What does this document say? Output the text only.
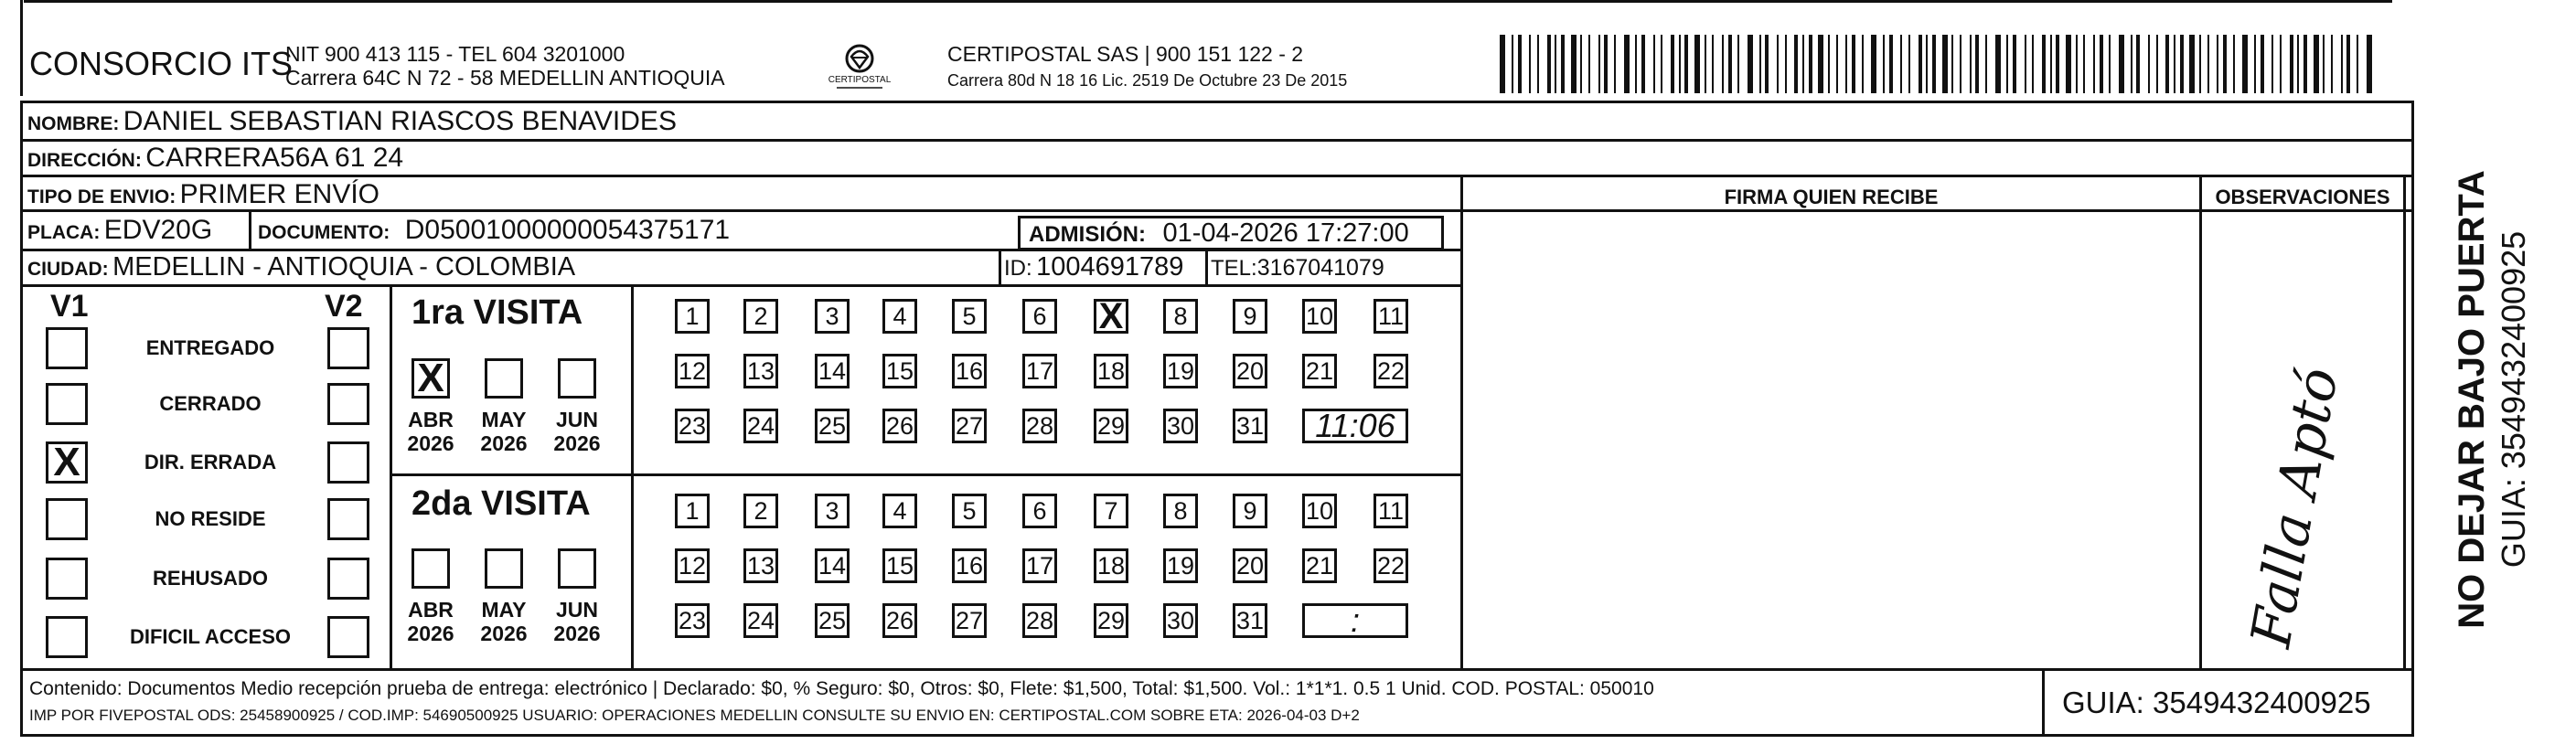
CONSORCIO ITS
NIT 900 413 115 - TEL 604 3201000
Carrera 64C N 72 - 58 MEDELLIN ANTIOQUIA	CERTIPOSTAL
CERTIPOSTAL SAS | 900 151 122 - 2
Carrera 80d N 18 16 Lic. 2519 De Octubre 23 De 2015
NOMBRE: DANIEL SEBASTIAN RIASCOS BENAVIDES
DIRECCIÓN: CARRERA56A 61 24
TIPO DE ENVIO: PRIMER ENVÍO
PLACA: EDV20G DOCUMENTO: D05001000000054375171	ADMISIÓN: 01-04-2026 17:27:00
CIUDAD: MEDELLIN - ANTIOQUIA - COLOMBIA	ID: 1004691789 TEL:3167041079
FIRMA QUIEN RECIBE	OBSERVACIONES
Falla Aptó	NO DEJAR BAJO PUERTA GUIA: 3549432400925
V1	V2
ENTREGADO
CERRADO
X	DIR. ERRADA
NO RESIDE
REHUSADO
DIFICIL ACCESO
1ra VISITA
X
ABR
2026
MAY
2026
JUN
2026
1	2	3	4	5	6
X	8	9	10 11
12 13 14 15 16 17 18 19 20 21 22
23 24 25 26 27 28 29 30 31	11:06
2da VISITA
ABR
2026
MAY
2026
JUN
2026
1	2	3	4	5	6	7	8	9	10 11
12 13 14 15 16 17 18 19 20 21 22
23 24 25 26 27 28 29 30 31	:
Contenido: Documentos Medio recepción prueba de entrega: electrónico | Declarado: $0, % Seguro: $0, Otros: $0, Flete: $1,500, Total: $1,500. Vol.: 1*1*1. 0.5 1 Unid. COD. POSTAL: 050010
IMP POR FIVEPOSTAL ODS: 25458900925 / COD.IMP: 54690500925 USUARIO: OPERACIONES MEDELLIN CONSULTE SU ENVIO EN: CERTIPOSTAL.COM SOBRE ETA: 2026-04-03 D+2	GUIA: 3549432400925
